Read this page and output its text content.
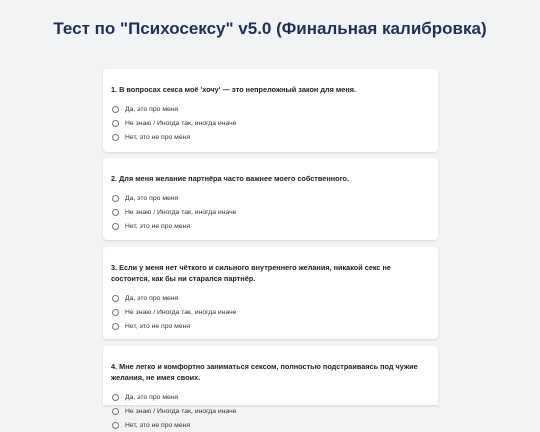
Тест по "Психосексу" v5.0 (Финальная калибровка)
1. В вопросах секса моё 'хочу' — это непреложный закон для меня.
Да, это про меня
Не знаю / Иногда так, иногда иначе
Нет, это не про меня
2. Для меня желание партнёра часто важнее моего собственного.
Да, это про меня
Не знаю / Иногда так, иногда иначе
Нет, это не про меня
3. Если у меня нет чёткого и сильного внутреннего желания, никакой секс не состоится, как бы ни старался партнёр.
Да, это про меня
Не знаю / Иногда так, иногда иначе
Нет, это не про меня
4. Мне легко и комфортно заниматься сексом, полностью подстраиваясь под чужие желания, не имея своих.
Да, это про меня
Не знаю / Иногда так, иногда иначе
Нет, это не про меня
